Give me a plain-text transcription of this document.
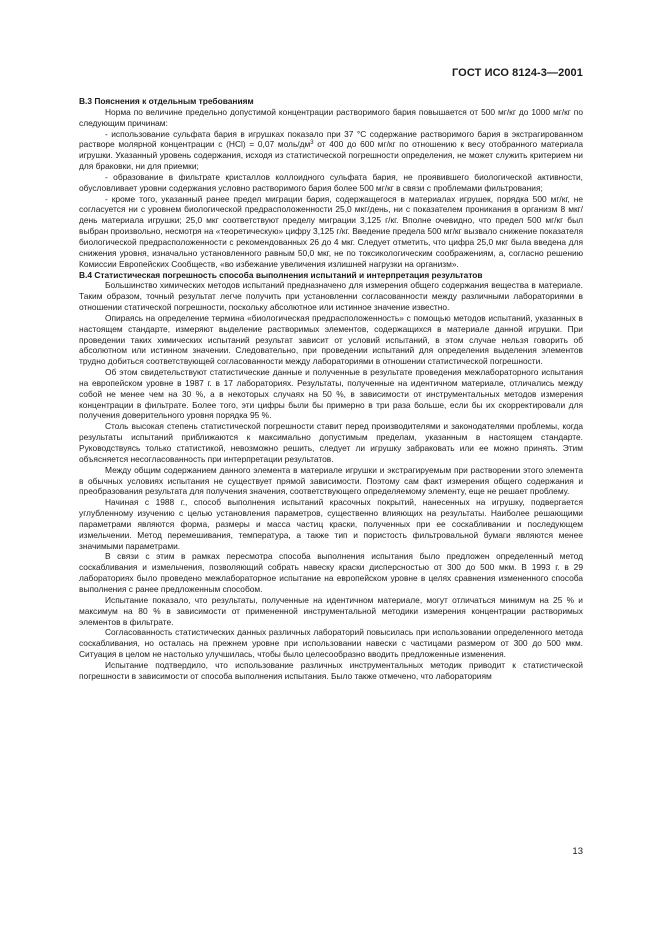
ГОСТ ИСО 8124-3—2001
В.3 Пояснения к отдельным требованиям

Норма по величине предельно допустимой концентрации растворимого бария повышается от 500 мг/кг до 1000 мг/кг по следующим причинам:

- использование сульфата бария в игрушках показало при 37 °С содержание растворимого бария в экстрагированном растворе молярной концентрации с (HCl) = 0,07 моль/$дм^3$ от 400 до 600 мг/кг по отношению к весу отобранного материала игрушки. Указанный уровень содержания, исходя из статистической погрешности определения, не может служить критерием ни для браковки, ни для приемки;

- образование в фильтрате кристаллов коллоидного сульфата бария, не проявившего биологической активности, обусловливает уровни содержания условно растворимого бария более 500 мг/кг в связи с проблемами фильтрования;

- кроме того, указанный ранее предел миграции бария, содержащегося в материалах игрушек, порядка 500 мг/кг, не согласуется ни с уровнем биологической предрасположенности 25,0 мкг/день, ни с показателем проникания в организм 8 мкг/день материала игрушки; 25,0 мкг соответствуют пределу миграции 3,125 г/кг. Вполне очевидно, что предел 500 мг/кг был выбран произвольно, несмотря на «теоретическую» цифру 3,125 г/кг. Введение предела 500 мг/кг вызвало снижение показателя биологической предрасположенности с рекомендованных 26 до 4 мкг. Следует отметить, что цифра 25,0 мкг была введена для снижения уровня, изначально установленного равным 50,0 мкг, не по токсикологическим соображениям, а, согласно решению Комиссии Европейских Сообществ, «во избежание увеличения излишней нагрузки на организм».

В.4 Статистическая погрешность способа выполнения испытаний и интерпретация результатов

Большинство химических методов испытаний предназначено для измерения общего содержания вещества в материале. Таким образом, точный результат легче получить при установленни согласованности между различными лабораториями в отношении статической погрешности, поскольку абсолютное или истинное значение известно.

Опираясь на определение термина «биологическая предрасположенность» с помощью методов испытаний, указанных в настоящем стандарте, измеряют выделение растворимых элементов, содержащихся в материале данной игрушки. При проведении таких химических испытаний результат зависит от условий испытаний, в этом случае нельзя говорить об абсолютном или истинном значении. Следовательно, при проведении испытаний для определения выделения элементов трудно добиться соответствующей согласованности между лабораториями в отношении статистической погрешности.

Об этом свидетельствуют статистические данные и полученные в результате проведения межлабораторного испытания на европейском уровне в 1987 г. в 17 лабораториях. Результаты, полученные на идентичном материале, отличались между собой не менее чем на 30 %, а в некоторых случаях на 50 %, в зависимости от инструментальных методов измерения концентрации в фильтрате. Более того, эти цифры были бы примерно в три раза больше, если бы их скорректировали для получения доверительного уровня порядка 95 %.

Столь высокая степень статистической погрешности ставит перед производителями и законодателями проблемы, когда результаты испытаний приближаются к максимально допустимым пределам, указанным в настоящем стандарте. Руководствуясь только статистикой, невозможно решить, следует ли игрушку забраковать или ее можно принять. Этим объясняется несогласованность при интерпретации результатов.

Между общим содержанием данного элемента в материале игрушки и экстрагируемым при растворении этого элемента в обычных условиях испытания не существует прямой зависимости. Поэтому сам факт измерения общего содержания и преобразования результата для получения значения, соответствующего определяемому элементу, еще не решает проблему.

Начиная с 1988 г., способ выполнения испытаний красочных покрытий, нанесенных на игрушку, подвергается углубленному изучению с целью установления параметров, существенно влияющих на результаты. Наиболее решающими параметрами являются форма, размеры и масса частиц краски, полученных при ее соскабливании и последующем измельчении. Метод перемешивания, температура, а также тип и пористость фильтровальной бумаги являются менее значимыми параметрами.

В связи с этим в рамках пересмотра способа выполнения испытания было предложен определенный метод соскабливания и измельчения, позволяющий собрать навеску краски дисперсностью от 300 до 500 мкм. В 1993 г. в 29 лабораториях было проведено межлабораторное испытание на европейском уровне в целях сравнения измененного способа выполнения с ранее предложенным способом.

Испытание показало, что результаты, полученные на идентичном материале, могут отличаться минимум на 25 % и максимум на 80 % в зависимости от примененной инструментальной методики измерения концентрации растворимых элементов в фильтрате.

Согласованность статистических данных различных лабораторий повысилась при использовании определенного метода соскабливания, но осталась на прежнем уровне при использовании навески с частицами размером от 300 до 500 мкм. Ситуация в целом не настолько улучшилась, чтобы было целесообразно вводить предложенные изменения.

Испытание подтвердило, что использование различных инструментальных методик приводит к статистической погрешности в зависимости от способа выполнения испытания. Было также отмечено, что лабораториям

13
